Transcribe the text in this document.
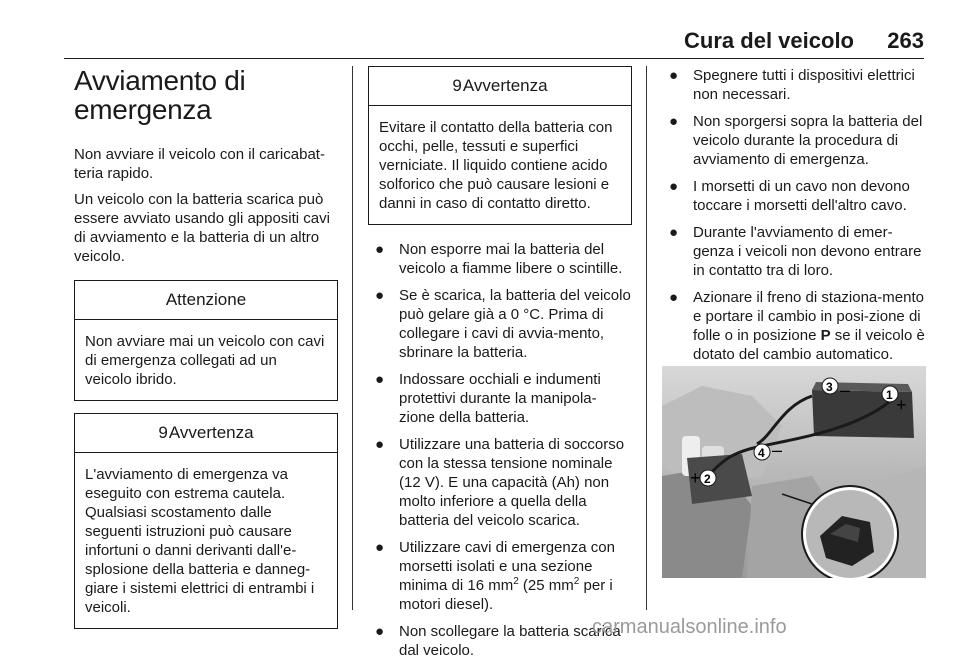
Cura del veicolo 263
Avviamento di
emergenza

Non avviare il veicolo con il caricabat-teria rapido.

Un veicolo con la batteria scarica può essere avviato usando gli appositi cavi di avviamento e la batteria di un altro veicolo.

Attenzione
Non avviare mai un veicolo con cavi di emergenza collegati ad un veicolo ibrido.
9Avvertenza
L'avviamento di emergenza va eseguito con estrema cautela. Qualsiasi scostamento dalle seguenti istruzioni può causare infortuni o danni derivanti dall'e-splosione della batteria e danneg-giare i sistemi elettrici di entrambi i veicoli.
9Avvertenza
Evitare il contatto della batteria con occhi, pelle, tessuti e superfici verniciate. Il liquido contiene acido solforico che può causare lesioni e danni in caso di contatto diretto.
● Non esporre mai la batteria del veicolo a fiamme libere o scintille.
● Se è scarica, la batteria del veicolo può gelare già a 0 °C. Prima di collegare i cavi di avvia-mento, sbrinare la batteria.
● Indossare occhiali e indumenti protettivi durante la manipola-zione della batteria.
● Utilizzare una batteria di soccorso con la stessa tensione nominale (12 V). E una capacità (Ah) non molto inferiore a quella della batteria del veicolo scarica.
● Utilizzare cavi di emergenza con morsetti isolati e una sezione minima di 16 $mm^2$ (25 $mm^2$ per i motori diesel).
● Non scollegare la batteria scarica dal veicolo.
● Spegnere tutti i dispositivi elettrici non necessari.
● Non sporgersi sopra la batteria del veicolo durante la procedura di avviamento di emergenza.
● I morsetti di un cavo non devono toccare i morsetti dell'altro cavo.
● Durante l'avviamento di emer-genza i veicoli non devono entrare in contatto tra di loro.
● Azionare il freno di staziona-mento e portare il cambio in posi-zione di folle o in posizione P se il veicolo è dotato del cambio automatico.
1 +
3 –
4 –
2
+
carmanualsonline.info
